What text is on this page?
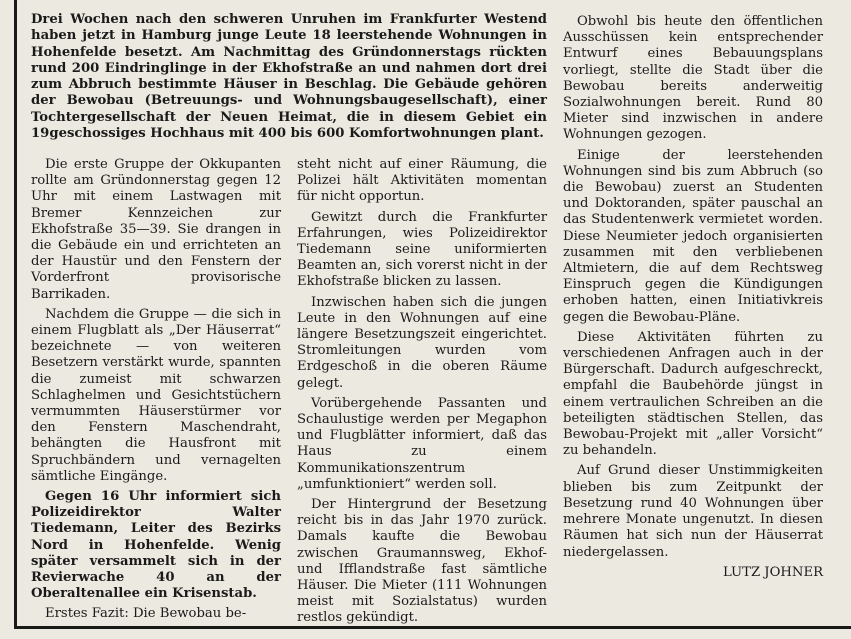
Drei Wochen nach den schweren Unruhen im Frankfurter Westend haben jetzt in Hamburg junge Leute 18 leerstehende Wohnungen in Hohenfelde besetzt. Am Nachmittag des Gründonnerstags rückten rund 200 Eindringlinge in der Ekhofstraße an und nahmen dort drei zum Abbruch bestimmte Häuser in Beschlag. Die Gebäude gehören der Bewobau (Betreuungs- und Wohnungsbaugesellschaft), einer Tochtergesellschaft der Neuen Heimat, die in diesem Gebiet ein 19geschossiges Hochhaus mit 400 bis 600 Komfortwohnungen plant.

Die erste Gruppe der Okkupanten rollte am Gründonnerstag gegen 12 Uhr mit einem Lastwagen mit Bremer Kennzeichen zur Ekhofstraße 35—39. Sie drangen in die Gebäude ein und errichteten an der Haustür und den Fenstern der Vorderfront provisorische Barrikaden.

Nachdem die Gruppe — die sich in einem Flugblatt als „Der Häuserrat“ bezeichnete — von weiteren Besetzern verstärkt wurde, spannten die zumeist mit schwarzen Schlaghelmen und Gesichtstüchern vermummten Häuserstürmer vor den Fenstern Maschendraht, behängten die Hausfront mit Spruchbändern und vernagelten sämtliche Eingänge.

Gegen 16 Uhr informiert sich Polizeidirektor Walter Tiedemann, Leiter des Bezirks Nord in Hohenfelde. Wenig später versammelt sich in der Revierwache 40 an der Oberaltenallee ein Krisenstab.

Erstes Fazit: Die Bewobau be-

steht nicht auf einer Räumung, die Polizei hält Aktivitäten momentan für nicht opportun.

Gewitzt durch die Frankfurter Erfahrungen, wies Polizeidirektor Tiedemann seine uniformierten Beamten an, sich vorerst nicht in der Ekhofstraße blicken zu lassen.

Inzwischen haben sich die jungen Leute in den Wohnungen auf eine längere Besetzungszeit eingerichtet. Stromleitungen wurden vom Erdgeschoß in die oberen Räume gelegt.

Vorübergehende Passanten und Schaulustige werden per Megaphon und Flugblätter informiert, daß das Haus zu einem Kommunikationszentrum „umfunktioniert“ werden soll.

Der Hintergrund der Besetzung reicht bis in das Jahr 1970 zurück. Damals kaufte die Bewobau zwischen Graumannsweg, Ekhof- und Ifflandstraße fast sämtliche Häuser. Die Mieter (111 Wohnungen meist mit Sozialstatus) wurden restlos gekündigt.

Obwohl bis heute den öffentlichen Ausschüssen kein entsprechender Entwurf eines Bebauungsplans vorliegt, stellte die Stadt über die Bewobau bereits anderweitig Sozialwohnungen bereit. Rund 80 Mieter sind inzwischen in andere Wohnungen gezogen.

Einige der leerstehenden Wohnungen sind bis zum Abbruch (so die Bewobau) zuerst an Studenten und Doktoranden, später pauschal an das Studentenwerk vermietet worden. Diese Neumieter jedoch organisierten zusammen mit den verbliebenen Altmietern, die auf dem Rechtsweg Einspruch gegen die Kündigungen erhoben hatten, einen Initiativkreis gegen die Bewobau-Pläne.

Diese Aktivitäten führten zu verschiedenen Anfragen auch in der Bürgerschaft. Dadurch aufgeschreckt, empfahl die Baubehörde jüngst in einem vertraulichen Schreiben an die beteiligten städtischen Stellen, das Bewobau-Projekt mit „aller Vorsicht“ zu behandeln.

Auf Grund dieser Unstimmigkeiten blieben bis zum Zeitpunkt der Besetzung rund 40 Wohnungen über mehrere Monate ungenutzt. In diesen Räumen hat sich nun der Häuserrat niedergelassen.

LUTZ JOHNER
